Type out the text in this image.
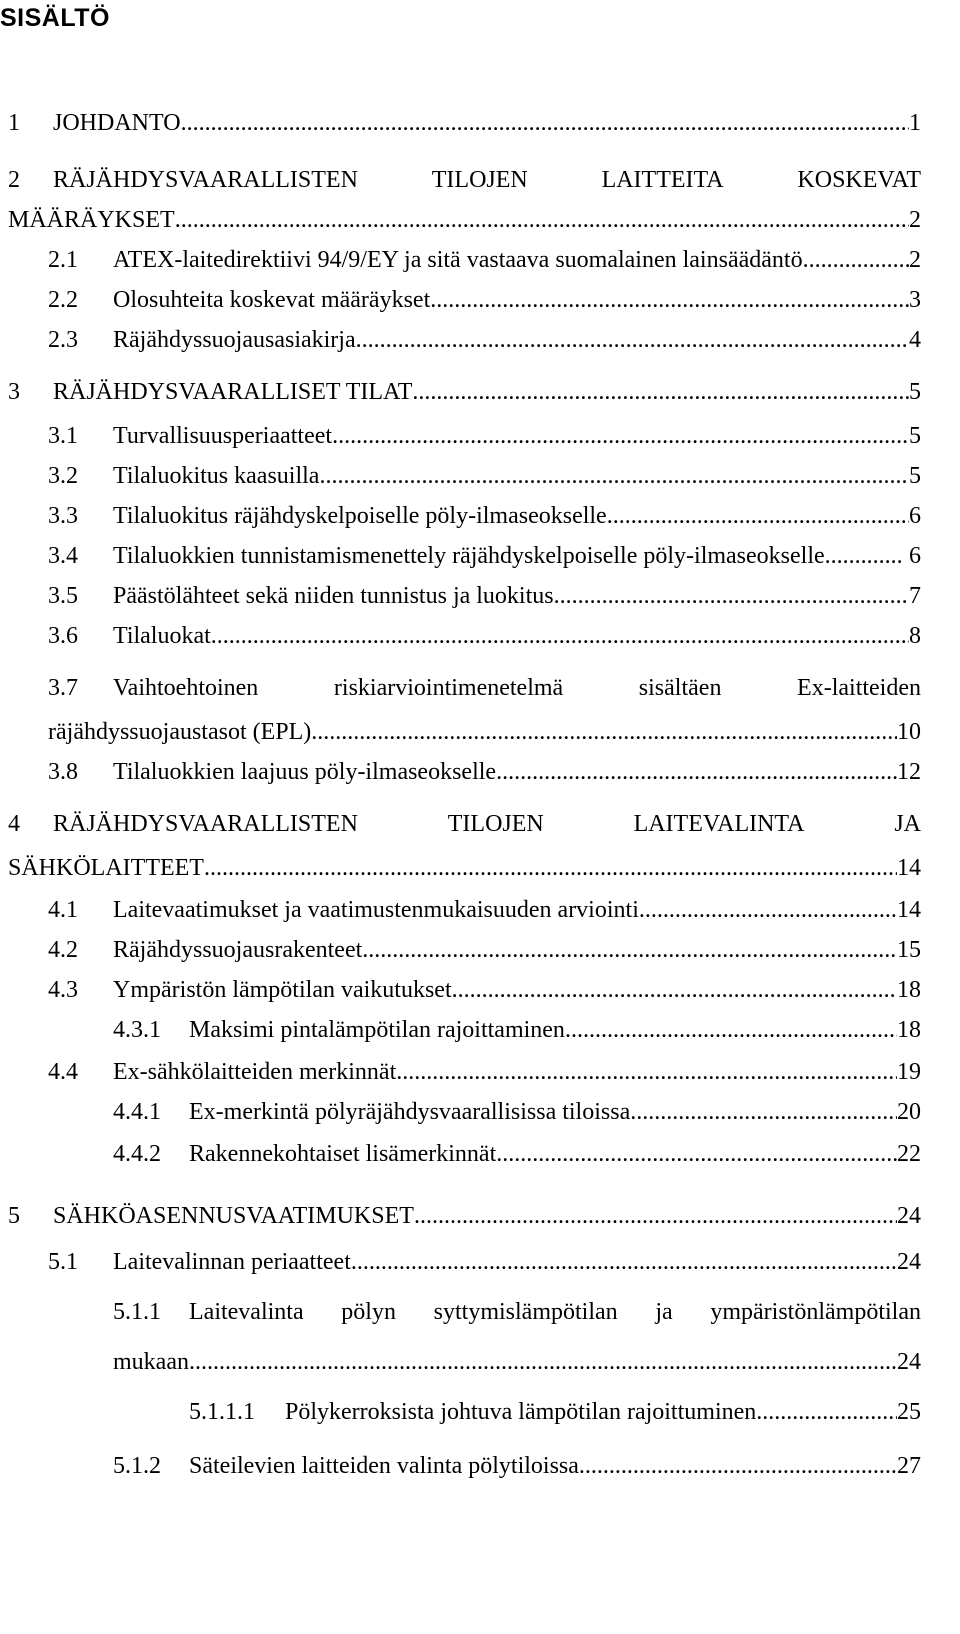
SISÄLTÖ
1 JOHDANTO .....	1
2 RÄJÄHDYSVAARALLISTEN	TILOJEN	LAITTEITA	KOSKEVAT
MÄÄRÄYKSET .....	2
2.1 ATEX-laitedirektiivi 94/9/EY ja sitä vastaava suomalainen lainsäädäntö .....	2
2.2 Olosuhteita koskevat määräykset .....	3
2.3 Räjähdyssuojausasiakirja .....	4
3 RÄJÄHDYSVAARALLISET TILAT .....	5
3.1 Turvallisuusperiaatteet .....	5
3.2 Tilaluokitus kaasuilla .....	5
3.3 Tilaluokitus räjähdyskelpoiselle pöly-ilmaseokselle .....	6
3.4 Tilaluokkien tunnistamismenettely räjähdyskelpoiselle pöly-ilmaseokselle. .....	6
3.5 Päästölähteet sekä niiden tunnistus ja luokitus .....	7
3.6 Tilaluokat .....	8
3.7 Vaihtoehtoinen	riskiarviointimenetelmä	sisältäen	Ex-laitteiden
räjähdyssuojaustasot (EPL) .....	10
3.8 Tilaluokkien laajuus pöly-ilmaseokselle .....	12
4 RÄJÄHDYSVAARALLISTEN	TILOJEN	LAITEVALINTA	JA
SÄHKÖLAITTEET .....	14
4.1 Laitevaatimukset ja vaatimustenmukaisuuden arviointi .....	14
4.2 Räjähdyssuojausrakenteet .....	15
4.3 Ympäristön lämpötilan vaikutukset .....	18
4.3.1 Maksimi pintalämpötilan rajoittaminen .....	18
4.4 Ex-sähkölaitteiden merkinnät .....	19
4.4.1 Ex-merkintä pölyräjähdysvaarallisissa tiloissa .....	20
4.4.2 Rakennekohtaiset lisämerkinnät .....	22
5 SÄHKÖASENNUSVAATIMUKSET .....	24
5.1 Laitevalinnan periaatteet .....	24
5.1.1 Laitevalinta pölyn syttymislämpötilan ja ympäristönlämpötilan
mukaan .....	24
5.1.1.1 Pölykerroksista johtuva lämpötilan rajoittuminen .....	25
5.1.2 Säteilevien laitteiden valinta pölytiloissa .....	27
